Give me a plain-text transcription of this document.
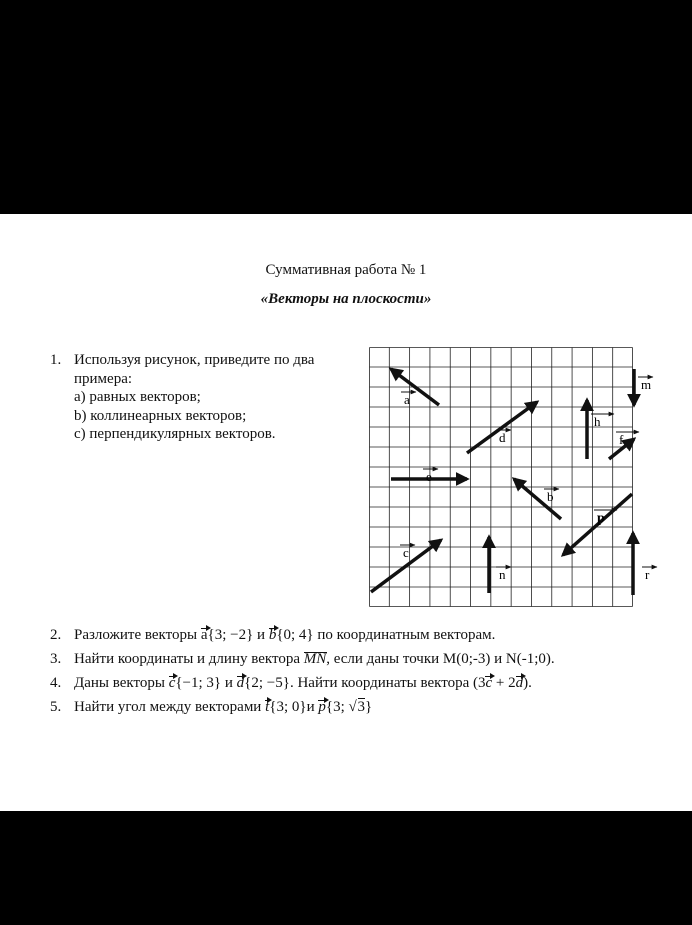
Суммативная работа № 1
«Векторы на плоскости»
1. Используя рисунок, приведите по два
примера:
a) равных векторов;
b) коллинеарных векторов;
c) перпендикулярных векторов.
a
d
h
m
f
e
b
p
c
n	r
2. Разложите векторы a{3; −2} и b{0; 4} по координатным векторам.
3. Найти координаты и длину вектора MN, если даны точки M(0;-3) и N(-1;0).
4. Даны векторы c{−1; 3} и d{2; −5}. Найти координаты вектора (3c + 2d).
5. Найти угол между векторами t{3; 0}и p{3; √ 3}
